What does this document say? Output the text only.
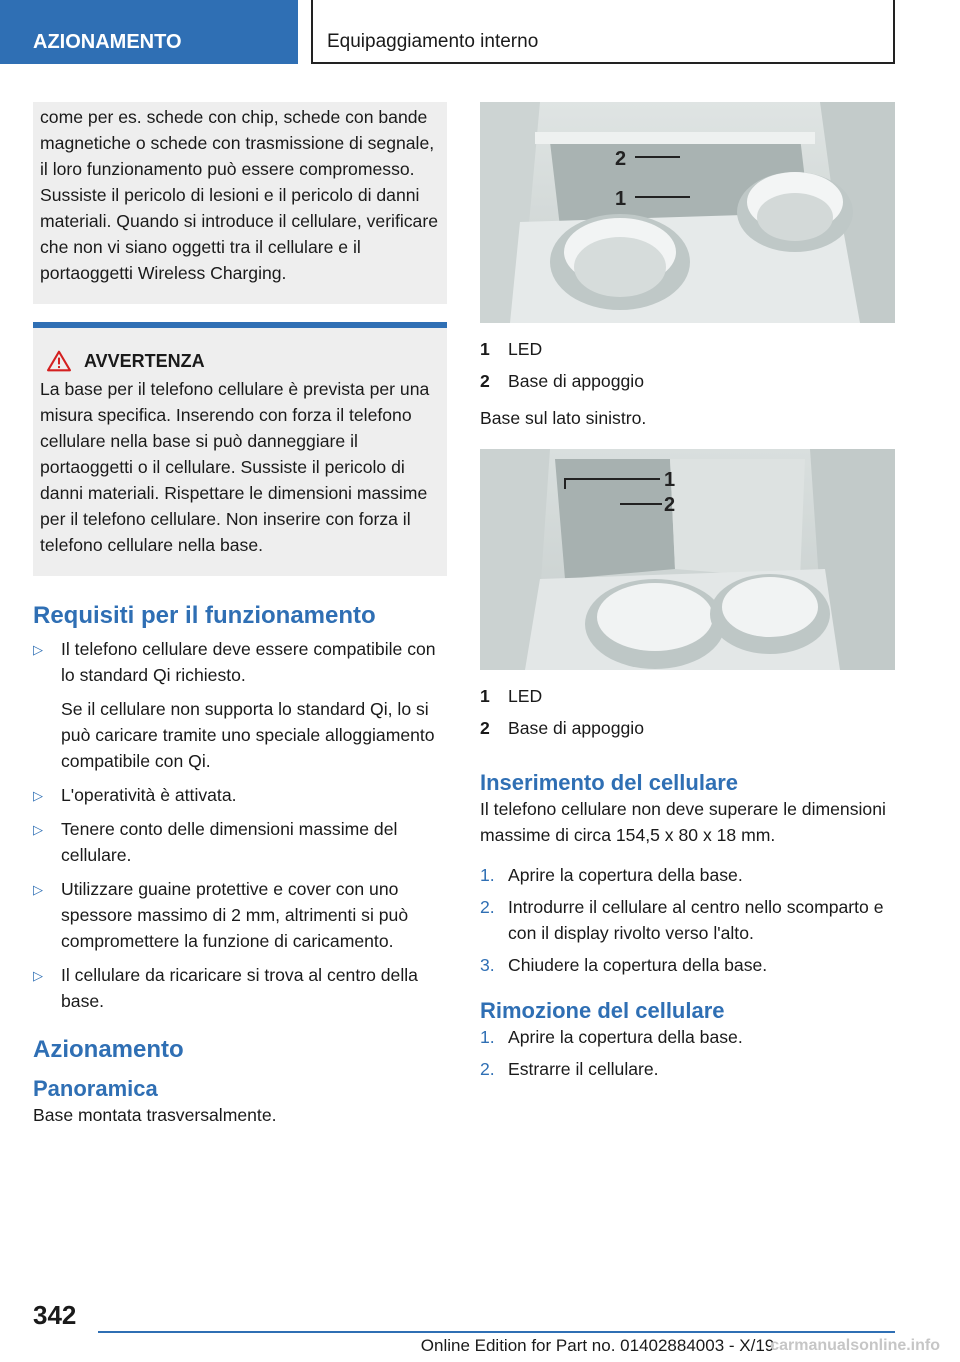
AZIONAMENTO	Equipaggiamento interno

come per es. schede con chip, schede con bande magnetiche o schede con trasmissione di segnale, il loro funzionamento può essere compromesso. Sussiste il pericolo di lesioni e il pericolo di danni materiali. Quando si introduce il cellulare, verificare che non vi siano oggetti tra il cellulare e il portaoggetti Wireless Charging.

AVVERTENZA

La base per il telefono cellulare è prevista per una misura specifica. Inserendo con forza il telefono cellulare nella base si può danneggiare il portaoggetti o il cellulare. Sussiste il pericolo di danni materiali. Rispettare le dimensioni massime per il telefono cellulare. Non inserire con forza il telefono cellulare nella base.

Requisiti per il funzionamento
▷ Il telefono cellulare deve essere compatibile con lo standard Qi richiesto.

Se il cellulare non supporta lo standard Qi, lo si può caricare tramite uno speciale alloggiamento compatibile con Qi.

▷ L'operatività è attivata.

▷ Tenere conto delle dimensioni massime del cellulare.

▷ Utilizzare guaine protettive e cover con uno spessore massimo di 2 mm, altrimenti si può compromettere la funzione di caricamento.

▷ Il cellulare da ricaricare si trova al centro della base.

Azionamento
Panoramica

Base montata trasversalmente.

2
1
1	LED
2	Base di appoggio

Base sul lato sinistro.

1
2
1	LED
2	Base di appoggio
Inserimento del cellulare

Il telefono cellulare non deve superare le dimensioni massime di circa 154,5 x 80 x 18 mm.

1. Aprire la copertura della base.
2. Introdurre il cellulare al centro nello scomparto e con il display rivolto verso l'alto.
3. Chiudere la copertura della base.
Rimozione del cellulare
1. Aprire la copertura della base.
2. Estrarre il cellulare.
342
Online Edition for Part no. 01402884003 - X/19
carmanualsonline.info
